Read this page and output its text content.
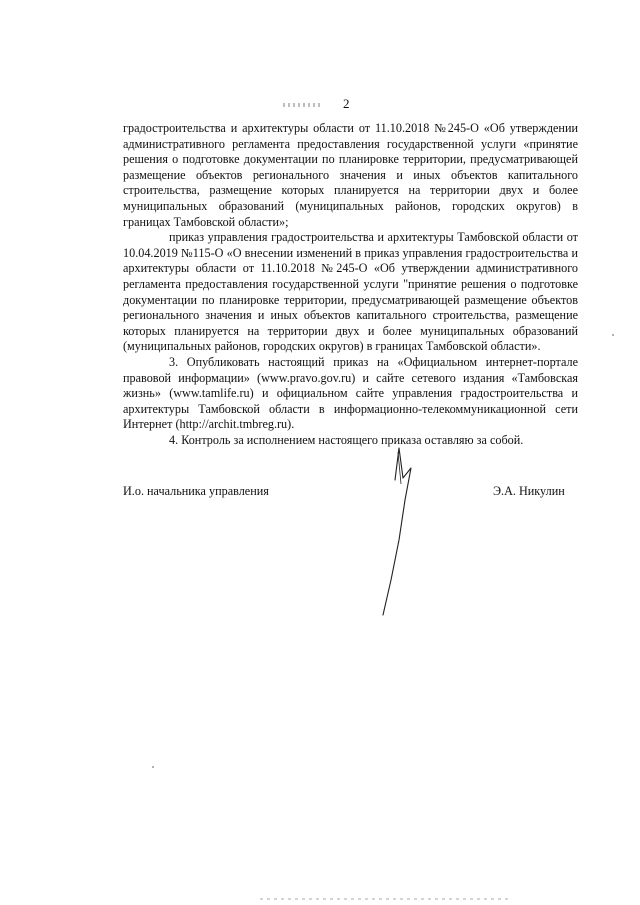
2

градостроительства и архитектуры области от 11.10.2018 №245-О «Об утверждении административного регламента предоставления государственной услуги «принятие решения о подготовке документации по планировке территории, предусматривающей размещение объектов регионального значения и иных объектов капитального строительства, размещение которых планируется на территории двух и более муниципальных образований (муниципальных районов, городских округов) в границах Тамбовской области»;

приказ управления градостроительства и архитектуры Тамбовской области от 10.04.2019 №115-О «О внесении изменений в приказ управления градостроительства и архитектуры области от 11.10.2018 №245-О «Об утверждении административного регламента предоставления государственной услуги "принятие решения о подготовке документации по планировке территории, предусматривающей размещение объектов регионального значения и иных объектов капитального строительства, размещение которых планируется на территории двух и более муниципальных образований (муниципальных районов, городских округов) в границах Тамбовской области».

3. Опубликовать настоящий приказ на «Официальном интернет-портале правовой информации» (www.pravo.gov.ru) и сайте сетевого издания «Тамбовская жизнь» (www.tamlife.ru) и официальном сайте управления градостроительства и архитектуры Тамбовской области в информационно-телекоммуникационной сети Интернет (http://archit.tmbreg.ru).

4. Контроль за исполнением настоящего приказа оставляю за собой.

И.о. начальника управления	Э.А. Никулин
